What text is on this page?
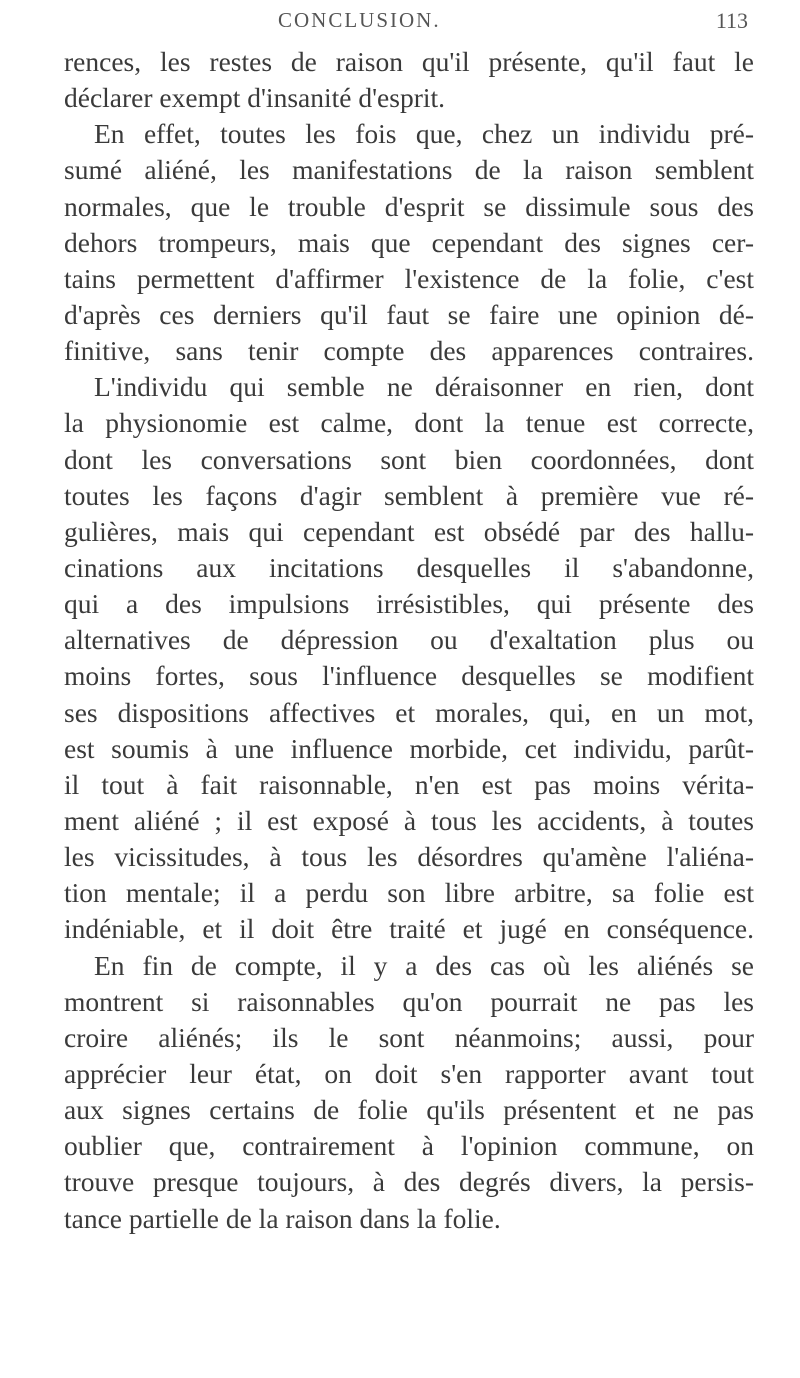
CONCLUSION.	113
rences, les restes de raison qu'il présente, qu'il faut le
déclarer exempt d'insanité d'esprit.
En effet, toutes les fois que, chez un individu pré-
sumé aliéné, les manifestations de la raison semblent
normales, que le trouble d'esprit se dissimule sous des
dehors trompeurs, mais que cependant des signes cer-
tains permettent d'affirmer l'existence de la folie, c'est
d'après ces derniers qu'il faut se faire une opinion dé-
finitive, sans tenir compte des apparences contraires.
L'individu qui semble ne déraisonner en rien, dont
la physionomie est calme, dont la tenue est correcte,
dont les conversations sont bien coordonnées, dont
toutes les façons d'agir semblent à première vue ré-
gulières, mais qui cependant est obsédé par des hallu-
cinations aux incitations desquelles il s'abandonne,
qui a des impulsions irrésistibles, qui présente des
alternatives de dépression ou d'exaltation plus ou
moins fortes, sous l'influence desquelles se modifient
ses dispositions affectives et morales, qui, en un mot,
est soumis à une influence morbide, cet individu, parût-
il tout à fait raisonnable, n'en est pas moins vérita-
ment aliéné ; il est exposé à tous les accidents, à toutes
les vicissitudes, à tous les désordres qu'amène l'aliéna-
tion mentale; il a perdu son libre arbitre, sa folie est
indéniable, et il doit être traité et jugé en conséquence.
En fin de compte, il y a des cas où les aliénés se
montrent si raisonnables qu'on pourrait ne pas les
croire aliénés; ils le sont néanmoins; aussi, pour
apprécier leur état, on doit s'en rapporter avant tout
aux signes certains de folie qu'ils présentent et ne pas
oublier que, contrairement à l'opinion commune, on
trouve presque toujours, à des degrés divers, la persis-
tance partielle de la raison dans la folie.
